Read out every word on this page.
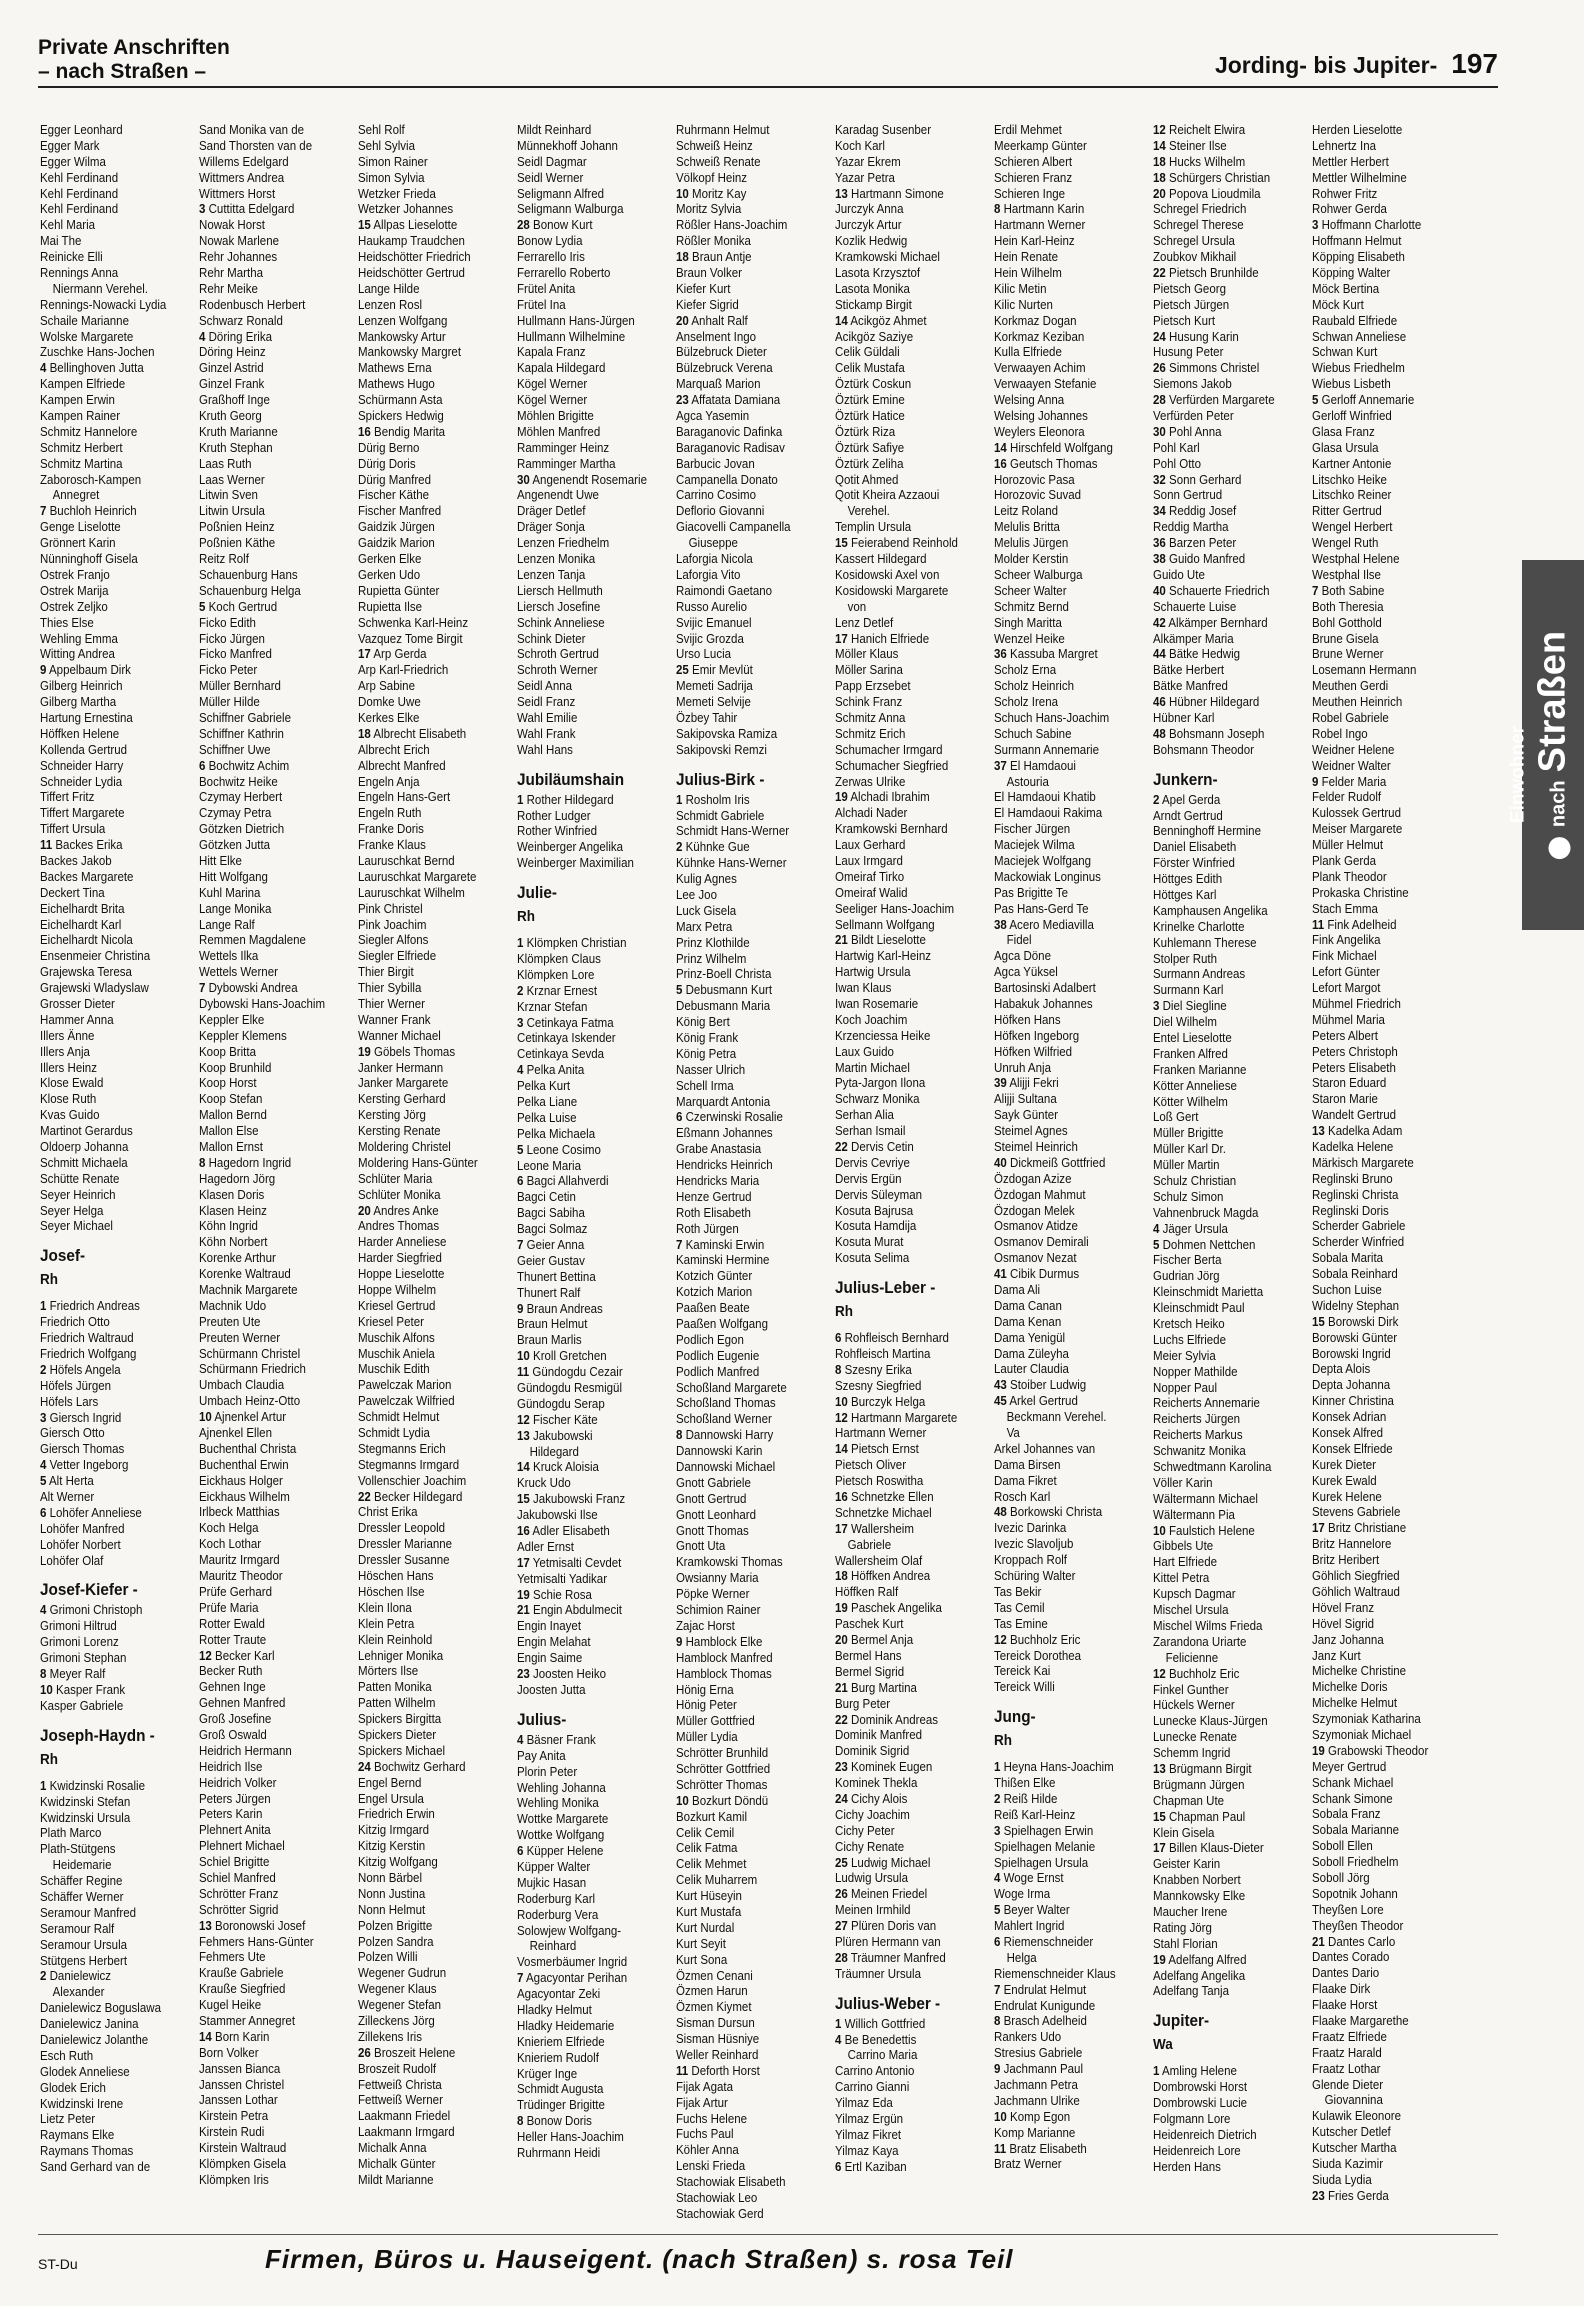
Private Anschriften
– nach Straßen –	Jording- bis Jupiter- 197
Egger Leonhard
Egger Mark
Egger Wilma
Kehl Ferdinand
Kehl Ferdinand
Kehl Ferdinand
Kehl Maria
Mai The
Reinicke Elli
Rennings Anna
Niermann Verehel.
Rennings-Nowacki Lydia
Schaile Marianne
Wolske Margarete
Zuschke Hans-Jochen
4 Bellinghoven Jutta
Kampen Elfriede
Kampen Erwin
Kampen Rainer
Schmitz Hannelore
Schmitz Herbert
Schmitz Martina
Zaborosch-Kampen
Annegret
7 Buchloh Heinrich
Genge Liselotte
Grönnert Karin
Nünninghoff Gisela
Ostrek Franjo
Ostrek Marija
Ostrek Zeljko
Thies Else
Wehling Emma
Witting Andrea
9 Appelbaum Dirk
Gilberg Heinrich
Gilberg Martha
Hartung Ernestina
Höffken Helene
Kollenda Gertrud
Schneider Harry
Schneider Lydia
Tiffert Fritz
Tiffert Margarete
Tiffert Ursula
11 Backes Erika
Backes Jakob
Backes Margarete
Deckert Tina
Eichelhardt Brita
Eichelhardt Karl
Eichelhardt Nicola
Ensenmeier Christina
Grajewska Teresa
Grajewski Wladyslaw
Grosser Dieter
Hammer Anna
Illers Änne
Illers Anja
Illers Heinz
Klose Ewald
Klose Ruth
Kvas Guido
Martinot Gerardus
Oldoerp Johanna
Schmitt Michaela
Schütte Renate
Seyer Heinrich
Seyer Helga
Seyer Michael
Josef-
Rh
1 Friedrich Andreas
Friedrich Otto
Friedrich Waltraud
Friedrich Wolfgang
2 Höfels Angela
Höfels Jürgen
Höfels Lars
3 Giersch Ingrid
Giersch Otto
Giersch Thomas
4 Vetter Ingeborg
5 Alt Herta
Alt Werner
6 Lohöfer Anneliese
Lohöfer Manfred
Lohöfer Norbert
Lohöfer Olaf
Josef-Kiefer -
4 Grimoni Christoph
Grimoni Hiltrud
Grimoni Lorenz
Grimoni Stephan
8 Meyer Ralf
10 Kasper Frank
Kasper Gabriele
Joseph-Haydn -
Rh
1 Kwidzinski Rosalie
Kwidzinski Stefan
Kwidzinski Ursula
Plath Marco
Plath-Stütgens
Heidemarie
Schäffer Regine
Schäffer Werner
Seramour Manfred
Seramour Ralf
Seramour Ursula
Stütgens Herbert
2 Danielewicz
Alexander
Danielewicz Boguslawa
Danielewicz Janina
Danielewicz Jolanthe
Esch Ruth
Glodek Anneliese
Glodek Erich
Kwidzinski Irene
Lietz Peter
Raymans Elke
Raymans Thomas
Sand Gerhard van de
Sand Monika van de
Sand Thorsten van de
Willems Edelgard
Wittmers Andrea
Wittmers Horst
3 Cuttitta Edelgard
Nowak Horst
Nowak Marlene
Rehr Johannes
Rehr Martha
Rehr Meike
Rodenbusch Herbert
Schwarz Ronald
4 Döring Erika
Döring Heinz
Ginzel Astrid
Ginzel Frank
Graßhoff Inge
Kruth Georg
Kruth Marianne
Kruth Stephan
Laas Ruth
Laas Werner
Litwin Sven
Litwin Ursula
Poßnien Heinz
Poßnien Käthe
Reitz Rolf
Schauenburg Hans
Schauenburg Helga
5 Koch Gertrud
Ficko Edith
Ficko Jürgen
Ficko Manfred
Ficko Peter
Müller Bernhard
Müller Hilde
Schiffner Gabriele
Schiffner Kathrin
Schiffner Uwe
6 Bochwitz Achim
Bochwitz Heike
Czymay Herbert
Czymay Petra
Götzken Dietrich
Götzken Jutta
Hitt Elke
Hitt Wolfgang
Kuhl Marina
Lange Monika
Lange Ralf
Remmen Magdalene
Wettels Ilka
Wettels Werner
7 Dybowski Andrea
Dybowski Hans-Joachim
Keppler Elke
Keppler Klemens
Koop Britta
Koop Brunhild
Koop Horst
Koop Stefan
Mallon Bernd
Mallon Else
Mallon Ernst
8 Hagedorn Ingrid
Hagedorn Jörg
Klasen Doris
Klasen Heinz
Köhn Ingrid
Köhn Norbert
Korenke Arthur
Korenke Waltraud
Machnik Margarete
Machnik Udo
Preuten Ute
Preuten Werner
Schürmann Christel
Schürmann Friedrich
Umbach Claudia
Umbach Heinz-Otto
10 Ajnenkel Artur
Ajnenkel Ellen
Buchenthal Christa
Buchenthal Erwin
Eickhaus Holger
Eickhaus Wilhelm
Irlbeck Matthias
Koch Helga
Koch Lothar
Mauritz Irmgard
Mauritz Theodor
Prüfe Gerhard
Prüfe Maria
Rotter Ewald
Rotter Traute
12 Becker Karl
Becker Ruth
Gehnen Inge
Gehnen Manfred
Groß Josefine
Groß Oswald
Heidrich Hermann
Heidrich Ilse
Heidrich Volker
Peters Jürgen
Peters Karin
Plehnert Anita
Plehnert Michael
Schiel Brigitte
Schiel Manfred
Schrötter Franz
Schrötter Sigrid
13 Boronowski Josef
Fehmers Hans-Günter
Fehmers Ute
Krauße Gabriele
Krauße Siegfried
Kugel Heike
Stammer Annegret
14 Born Karin
Born Volker
Janssen Bianca
Janssen Christel
Janssen Lothar
Kirstein Petra
Kirstein Rudi
Kirstein Waltraud
Klömpken Gisela
Klömpken Iris
Sehl Rolf
Sehl Sylvia
Simon Rainer
Simon Sylvia
Wetzker Frieda
Wetzker Johannes
15 Allpas Lieselotte
Haukamp Traudchen
Heidschötter Friedrich
Heidschötter Gertrud
Lange Hilde
Lenzen Rosl
Lenzen Wolfgang
Mankowsky Artur
Mankowsky Margret
Mathews Erna
Mathews Hugo
Schürmann Asta
Spickers Hedwig
16 Bendig Marita
Dürig Berno
Dürig Doris
Dürig Manfred
Fischer Käthe
Fischer Manfred
Gaidzik Jürgen
Gaidzik Marion
Gerken Elke
Gerken Udo
Rupietta Günter
Rupietta Ilse
Schwenka Karl-Heinz
Vazquez Tome Birgit
17 Arp Gerda
Arp Karl-Friedrich
Arp Sabine
Domke Uwe
Kerkes Elke
18 Albrecht Elisabeth
Albrecht Erich
Albrecht Manfred
Engeln Anja
Engeln Hans-Gert
Engeln Ruth
Franke Doris
Franke Klaus
Lauruschkat Bernd
Lauruschkat Margarete
Lauruschkat Wilhelm
Pink Christel
Pink Joachim
Siegler Alfons
Siegler Elfriede
Thier Birgit
Thier Sybilla
Thier Werner
Wanner Frank
Wanner Michael
19 Göbels Thomas
Janker Hermann
Janker Margarete
Kersting Gerhard
Kersting Jörg
Kersting Renate
Moldering Christel
Moldering Hans-Günter
Schlüter Maria
Schlüter Monika
20 Andres Anke
Andres Thomas
Harder Anneliese
Harder Siegfried
Hoppe Lieselotte
Hoppe Wilhelm
Kriesel Gertrud
Kriesel Peter
Muschik Alfons
Muschik Aniela
Muschik Edith
Pawelczak Marion
Pawelczak Wilfried
Schmidt Helmut
Schmidt Lydia
Stegmanns Erich
Stegmanns Irmgard
Vollenschier Joachim
22 Becker Hildegard
Christ Erika
Dressler Leopold
Dressler Marianne
Dressler Susanne
Höschen Hans
Höschen Ilse
Klein Ilona
Klein Petra
Klein Reinhold
Lehniger Monika
Mörters Ilse
Patten Monika
Patten Wilhelm
Spickers Birgitta
Spickers Dieter
Spickers Michael
24 Bochwitz Gerhard
Engel Bernd
Engel Ursula
Friedrich Erwin
Kitzig Irmgard
Kitzig Kerstin
Kitzig Wolfgang
Nonn Bärbel
Nonn Justina
Nonn Helmut
Polzen Brigitte
Polzen Sandra
Polzen Willi
Wegener Gudrun
Wegener Klaus
Wegener Stefan
Zilleckens Jörg
Zillekens Iris
26 Broszeit Helene
Broszeit Rudolf
Fettweiß Christa
Fettweiß Werner
Laakmann Friedel
Laakmann Irmgard
Michalk Anna
Michalk Günter
Mildt Marianne
Mildt Reinhard
Münnekhoff Johann
Seidl Dagmar
Seidl Werner
Seligmann Alfred
Seligmann Walburga
28 Bonow Kurt
Bonow Lydia
Ferrarello Iris
Ferrarello Roberto
Frütel Anita
Frütel Ina
Hullmann Hans-Jürgen
Hullmann Wilhelmine
Kapala Franz
Kapala Hildegard
Kögel Werner
Kögel Werner
Möhlen Brigitte
Möhlen Manfred
Ramminger Heinz
Ramminger Martha
30 Angenendt Rosemarie
Angenendt Uwe
Dräger Detlef
Dräger Sonja
Lenzen Friedhelm
Lenzen Monika
Lenzen Tanja
Liersch Hellmuth
Liersch Josefine
Schink Anneliese
Schink Dieter
Schroth Gertrud
Schroth Werner
Seidl Anna
Seidl Franz
Wahl Emilie
Wahl Frank
Wahl Hans
Jubiläumshain
1 Rother Hildegard
Rother Ludger
Rother Winfried
Weinberger Angelika
Weinberger Maximilian
Julie-
Rh
1 Klömpken Christian
Klömpken Claus
Klömpken Lore
2 Krznar Ernest
Krznar Stefan
3 Cetinkaya Fatma
Cetinkaya Iskender
Cetinkaya Sevda
4 Pelka Anita
Pelka Kurt
Pelka Liane
Pelka Luise
Pelka Michaela
5 Leone Cosimo
Leone Maria
6 Bagci Allahverdi
Bagci Cetin
Bagci Sabiha
Bagci Solmaz
7 Geier Anna
Geier Gustav
Thunert Bettina
Thunert Ralf
9 Braun Andreas
Braun Helmut
Braun Marlis
10 Kroll Gretchen
11 Gündogdu Cezair
Gündogdu Resmigül
Gündogdu Serap
12 Fischer Käte
13 Jakubowski
Hildegard
14 Kruck Aloisia
Kruck Udo
15 Jakubowski Franz
Jakubowski Ilse
16 Adler Elisabeth
Adler Ernst
17 Yetmisalti Cevdet
Yetmisalti Yadikar
19 Schie Rosa
21 Engin Abdulmecit
Engin Inayet
Engin Melahat
Engin Saime
23 Joosten Heiko
Joosten Jutta
Julius-
4 Bäsner Frank
Pay Anita
Plorin Peter
Wehling Johanna
Wehling Monika
Wottke Margarete
Wottke Wolfgang
6 Küpper Helene
Küpper Walter
Mujkic Hasan
Roderburg Karl
Roderburg Vera
Solowjew Wolfgang-
Reinhard
Vosmerbäumer Ingrid
7 Agacyontar Perihan
Agacyontar Zeki
Hladky Helmut
Hladky Heidemarie
Knieriem Elfriede
Knieriem Rudolf
Krüger Inge
Schmidt Augusta
Trüdinger Brigitte
8 Bonow Doris
Heller Hans-Joachim
Ruhrmann Heidi
Ruhrmann Helmut
Schweiß Heinz
Schweiß Renate
Völkopf Heinz
10 Moritz Kay
Moritz Sylvia
Rößler Hans-Joachim
Rößler Monika
18 Braun Antje
Braun Volker
Kiefer Kurt
Kiefer Sigrid
20 Anhalt Ralf
Anselment Ingo
Bülzebruck Dieter
Bülzebruck Verena
Marquaß Marion
23 Affatata Damiana
Agca Yasemin
Baraganovic Dafinka
Baraganovic Radisav
Barbucic Jovan
Campanella Donato
Carrino Cosimo
Deflorio Giovanni
Giacovelli Campanella
Giuseppe
Laforgia Nicola
Laforgia Vito
Raimondi Gaetano
Russo Aurelio
Svijic Emanuel
Svijic Grozda
Urso Lucia
25 Emir Mevlüt
Memeti Sadrija
Memeti Selvije
Özbey Tahir
Sakipovska Ramiza
Sakipovski Remzi
Julius-Birk -
1 Rosholm Iris
Schmidt Gabriele
Schmidt Hans-Werner
2 Kühnke Gue
Kühnke Hans-Werner
Kulig Agnes
Lee Joo
Luck Gisela
Marx Petra
Prinz Klothilde
Prinz Wilhelm
Prinz-Boell Christa
5 Debusmann Kurt
Debusmann Maria
König Bert
König Frank
König Petra
Nasser Ulrich
Schell Irma
Marquardt Antonia
6 Czerwinski Rosalie
Eßmann Johannes
Grabe Anastasia
Hendricks Heinrich
Hendricks Maria
Henze Gertrud
Roth Elisabeth
Roth Jürgen
7 Kaminski Erwin
Kaminski Hermine
Kotzich Günter
Kotzich Marion
Paaßen Beate
Paaßen Wolfgang
Podlich Egon
Podlich Eugenie
Podlich Manfred
Schoßland Margarete
Schoßland Thomas
Schoßland Werner
8 Dannowski Harry
Dannowski Karin
Dannowski Michael
Gnott Gabriele
Gnott Gertrud
Gnott Leonhard
Gnott Thomas
Gnott Uta
Kramkowski Thomas
Owsianny Maria
Pöpke Werner
Schimion Rainer
Zajac Horst
9 Hamblock Elke
Hamblock Manfred
Hamblock Thomas
Hönig Erna
Hönig Peter
Müller Gottfried
Müller Lydia
Schrötter Brunhild
Schrötter Gottfried
Schrötter Thomas
10 Bozkurt Döndü
Bozkurt Kamil
Celik Cemil
Celik Fatma
Celik Mehmet
Celik Muharrem
Kurt Hüseyin
Kurt Mustafa
Kurt Nurdal
Kurt Seyit
Kurt Sona
Özmen Cenani
Özmen Harun
Özmen Kiymet
Sisman Dursun
Sisman Hüsniye
Weller Reinhard
11 Deforth Horst
Fijak Agata
Fijak Artur
Fuchs Helene
Fuchs Paul
Köhler Anna
Lenski Frieda
Stachowiak Elisabeth
Stachowiak Leo
Stachowiak Gerd
Karadag Susenber
Koch Karl
Yazar Ekrem
Yazar Petra
13 Hartmann Simone
Jurczyk Anna
Jurczyk Artur
Kozlik Hedwig
Kramkowski Michael
Lasota Krzysztof
Lasota Monika
Stickamp Birgit
14 Acikgöz Ahmet
Acikgöz Saziye
Celik Güldali
Celik Mustafa
Öztürk Coskun
Öztürk Emine
Öztürk Hatice
Öztürk Riza
Öztürk Safiye
Öztürk Zeliha
Qotit Ahmed
Qotit Kheira Azzaoui
Verehel.
Templin Ursula
15 Feierabend Reinhold
Kassert Hildegard
Kosidowski Axel von
Kosidowski Margarete
von
Lenz Detlef
17 Hanich Elfriede
Möller Klaus
Möller Sarina
Papp Erzsebet
Schink Franz
Schmitz Anna
Schmitz Erich
Schumacher Irmgard
Schumacher Siegfried
Zerwas Ulrike
19 Alchadi Ibrahim
Alchadi Nader
Kramkowski Bernhard
Laux Gerhard
Laux Irmgard
Omeiraf Tirko
Omeiraf Walid
Seeliger Hans-Joachim
Sellmann Wolfgang
21 Bildt Lieselotte
Hartwig Karl-Heinz
Hartwig Ursula
Iwan Klaus
Iwan Rosemarie
Koch Joachim
Krzenciessa Heike
Laux Guido
Martin Michael
Pyta-Jargon Ilona
Schwarz Monika
Serhan Alia
Serhan Ismail
22 Dervis Cetin
Dervis Cevriye
Dervis Ergün
Dervis Süleyman
Kosuta Bajrusa
Kosuta Hamdija
Kosuta Murat
Kosuta Selima
Julius-Leber -
Rh
6 Rohfleisch Bernhard
Rohfleisch Martina
8 Szesny Erika
Szesny Siegfried
10 Burczyk Helga
12 Hartmann Margarete
Hartmann Werner
14 Pietsch Ernst
Pietsch Oliver
Pietsch Roswitha
16 Schnetzke Ellen
Schnetzke Michael
17 Wallersheim
Gabriele
Wallersheim Olaf
18 Höffken Andrea
Höffken Ralf
19 Paschek Angelika
Paschek Kurt
20 Bermel Anja
Bermel Hans
Bermel Sigrid
21 Burg Martina
Burg Peter
22 Dominik Andreas
Dominik Manfred
Dominik Sigrid
23 Kominek Eugen
Kominek Thekla
24 Cichy Alois
Cichy Joachim
Cichy Peter
Cichy Renate
25 Ludwig Michael
Ludwig Ursula
26 Meinen Friedel
Meinen Irmhild
27 Plüren Doris van
Plüren Hermann van
28 Träumner Manfred
Träumner Ursula
Julius-Weber -
1 Willich Gottfried
4 Be Benedettis
Carrino Maria
Carrino Antonio
Carrino Gianni
Yilmaz Eda
Yilmaz Ergün
Yilmaz Fikret
Yilmaz Kaya
6 Ertl Kaziban
Erdil Mehmet
Meerkamp Günter
Schieren Albert
Schieren Franz
Schieren Inge
8 Hartmann Karin
Hartmann Werner
Hein Karl-Heinz
Hein Renate
Hein Wilhelm
Kilic Metin
Kilic Nurten
Korkmaz Dogan
Korkmaz Keziban
Kulla Elfriede
Verwaayen Achim
Verwaayen Stefanie
Welsing Anna
Welsing Johannes
Weylers Eleonora
14 Hirschfeld Wolfgang
16 Geutsch Thomas
Horozovic Pasa
Horozovic Suvad
Leitz Roland
Melulis Britta
Melulis Jürgen
Molder Kerstin
Scheer Walburga
Scheer Walter
Schmitz Bernd
Singh Maritta
Wenzel Heike
36 Kassuba Margret
Scholz Erna
Scholz Heinrich
Scholz Irena
Schuch Hans-Joachim
Schuch Sabine
Surmann Annemarie
37 El Hamdaoui
Astouria
El Hamdaoui Khatib
El Hamdaoui Rakima
Fischer Jürgen
Maciejek Wilma
Maciejek Wolfgang
Mackowiak Longinus
Pas Brigitte Te
Pas Hans-Gerd Te
38 Acero Mediavilla
Fidel
Agca Döne
Agca Yüksel
Bartosinski Adalbert
Habakuk Johannes
Höfken Hans
Höfken Ingeborg
Höfken Wilfried
Unruh Anja
39 Alijji Fekri
Alijji Sultana
Sayk Günter
Steimel Agnes
Steimel Heinrich
40 Dickmeiß Gottfried
Özdogan Azize
Özdogan Mahmut
Özdogan Melek
Osmanov Atidze
Osmanov Demirali
Osmanov Nezat
41 Cibik Durmus
Dama Ali
Dama Canan
Dama Kenan
Dama Yenigül
Dama Züleyha
Lauter Claudia
43 Stoiber Ludwig
45 Arkel Gertrud
Beckmann Verehel.
Va
Arkel Johannes van
Dama Birsen
Dama Fikret
Rosch Karl
48 Borkowski Christa
Ivezic Darinka
Ivezic Slavoljub
Kroppach Rolf
Schüring Walter
Tas Bekir
Tas Cemil
Tas Emine
12 Buchholz Eric
Tereick Dorothea
Tereick Kai
Tereick Willi
Jung-
Rh
1 Heyna Hans-Joachim
Thißen Elke
2 Reiß Hilde
Reiß Karl-Heinz
3 Spielhagen Erwin
Spielhagen Melanie
Spielhagen Ursula
4 Woge Ernst
Woge Irma
5 Beyer Walter
Mahlert Ingrid
6 Riemenschneider
Helga
Riemenschneider Klaus
7 Endrulat Helmut
Endrulat Kunigunde
8 Brasch Adelheid
Rankers Udo
Stresius Gabriele
9 Jachmann Paul
Jachmann Petra
Jachmann Ulrike
10 Komp Egon
Komp Marianne
11 Bratz Elisabeth
Bratz Werner
12 Reichelt Elwira
14 Steiner Ilse
18 Hucks Wilhelm
18 Schürgers Christian
20 Popova Lioudmila
Schregel Friedrich
Schregel Therese
Schregel Ursula
Zoubkov Mikhail
22 Pietsch Brunhilde
Pietsch Georg
Pietsch Jürgen
Pietsch Kurt
24 Husung Karin
Husung Peter
26 Simmons Christel
Siemons Jakob
28 Verfürden Margarete
Verfürden Peter
30 Pohl Anna
Pohl Karl
Pohl Otto
32 Sonn Gerhard
Sonn Gertrud
34 Reddig Josef
Reddig Martha
36 Barzen Peter
38 Guido Manfred
Guido Ute
40 Schauerte Friedrich
Schauerte Luise
42 Alkämper Bernhard
Alkämper Maria
44 Bätke Hedwig
Bätke Herbert
Bätke Manfred
46 Hübner Hildegard
Hübner Karl
48 Bohsmann Joseph
Bohsmann Theodor
Junkern-
2 Apel Gerda
Arndt Gertrud
Benninghoff Hermine
Daniel Elisabeth
Förster Winfried
Höttges Edith
Höttges Karl
Kamphausen Angelika
Krinelke Charlotte
Kuhlemann Therese
Stolper Ruth
Surmann Andreas
Surmann Karl
3 Diel Siegline
Diel Wilhelm
Entel Lieselotte
Franken Alfred
Franken Marianne
Kötter Anneliese
Kötter Wilhelm
Loß Gert
Müller Brigitte
Müller Karl Dr.
Müller Martin
Schulz Christian
Schulz Simon
Vahnenbruck Magda
4 Jäger Ursula
5 Dohmen Nettchen
Fischer Berta
Gudrian Jörg
Kleinschmidt Marietta
Kleinschmidt Paul
Kretsch Heiko
Luchs Elfriede
Meier Sylvia
Nopper Mathilde
Nopper Paul
Reicherts Annemarie
Reicherts Jürgen
Reicherts Markus
Schwanitz Monika
Schwedtmann Karolina
Völler Karin
Wältermann Michael
Wältermann Pia
10 Faulstich Helene
Gibbels Ute
Hart Elfriede
Kittel Petra
Kupsch Dagmar
Mischel Ursula
Mischel Wilms Frieda
Zarandona Uriarte
Felicienne
12 Buchholz Eric
Finkel Gunther
Hückels Werner
Lunecke Klaus-Jürgen
Lunecke Renate
Schemm Ingrid
13 Brügmann Birgit
Brügmann Jürgen
Chapman Ute
15 Chapman Paul
Klein Gisela
17 Billen Klaus-Dieter
Geister Karin
Knabben Norbert
Mannkowsky Elke
Maucher Irene
Rating Jörg
Stahl Florian
19 Adelfang Alfred
Adelfang Angelika
Adelfang Tanja
Jupiter-
Wa
1 Amling Helene
Dombrowski Horst
Dombrowski Lucie
Folgmann Lore
Heidenreich Dietrich
Heidenreich Lore
Herden Hans
Herden Lieselotte
Lehnertz Ina
Mettler Herbert
Mettler Wilhelmine
Rohwer Fritz
Rohwer Gerda
3 Hoffmann Charlotte
Hoffmann Helmut
Köpping Elisabeth
Köpping Walter
Möck Bertina
Möck Kurt
Raubald Elfriede
Schwan Anneliese
Schwan Kurt
Wiebus Friedhelm
Wiebus Lisbeth
5 Gerloff Annemarie
Gerloff Winfried
Glasa Franz
Glasa Ursula
Kartner Antonie
Litschko Heike
Litschko Reiner
Ritter Gertrud
Wengel Herbert
Wengel Ruth
Westphal Helene
Westphal Ilse
7 Both Sabine
Both Theresia
Bohl Gotthold
Brune Gisela
Brune Werner
Losemann Hermann
Meuthen Gerdi
Meuthen Heinrich
Robel Gabriele
Robel Ingo
Weidner Helene
Weidner Walter
9 Felder Maria
Felder Rudolf
Kulossek Gertrud
Meiser Margarete
Müller Helmut
Plank Gerda
Plank Theodor
Prokaska Christine
Stach Emma
11 Fink Adelheid
Fink Angelika
Fink Michael
Lefort Günter
Lefort Margot
Mühmel Friedrich
Mühmel Maria
Peters Albert
Peters Christoph
Peters Elisabeth
Staron Eduard
Staron Marie
Wandelt Gertrud
13 Kadelka Adam
Kadelka Helene
Märkisch Margarete
Reglinski Bruno
Reglinski Christa
Reglinski Doris
Scherder Gabriele
Scherder Winfried
Sobala Marita
Sobala Reinhard
Suchon Luise
Widelny Stephan
15 Borowski Dirk
Borowski Günter
Borowski Ingrid
Depta Alois
Depta Johanna
Kinner Christina
Konsek Adrian
Konsek Alfred
Konsek Elfriede
Kurek Dieter
Kurek Ewald
Kurek Helene
Stevens Gabriele
17 Britz Christiane
Britz Hannelore
Britz Heribert
Göhlich Siegfried
Göhlich Waltraud
Hövel Franz
Hövel Sigrid
Janz Johanna
Janz Kurt
Michelke Christine
Michelke Doris
Michelke Helmut
Szymoniak Katharina
Szymoniak Michael
19 Grabowski Theodor
Meyer Gertrud
Schank Michael
Schank Simone
Sobala Franz
Sobala Marianne
Soboll Ellen
Soboll Friedhelm
Soboll Jörg
Sopotnik Johann
Theyßen Lore
Theyßen Theodor
21 Dantes Carlo
Dantes Corado
Dantes Dario
Flaake Dirk
Flaake Horst
Flaake Margarethe
Fraatz Elfriede
Fraatz Harald
Fraatz Lothar
Glende Dieter
Giovannina
Kulawik Eleonore
Kutscher Detlef
Kutscher Martha
Siuda Kazimir
Siuda Lydia
23 Fries Gerda
nachStraßen
Einwohner
ST-Du	Firmen, Büros u. Hauseigent. (nach Straßen) s. rosa Teil
